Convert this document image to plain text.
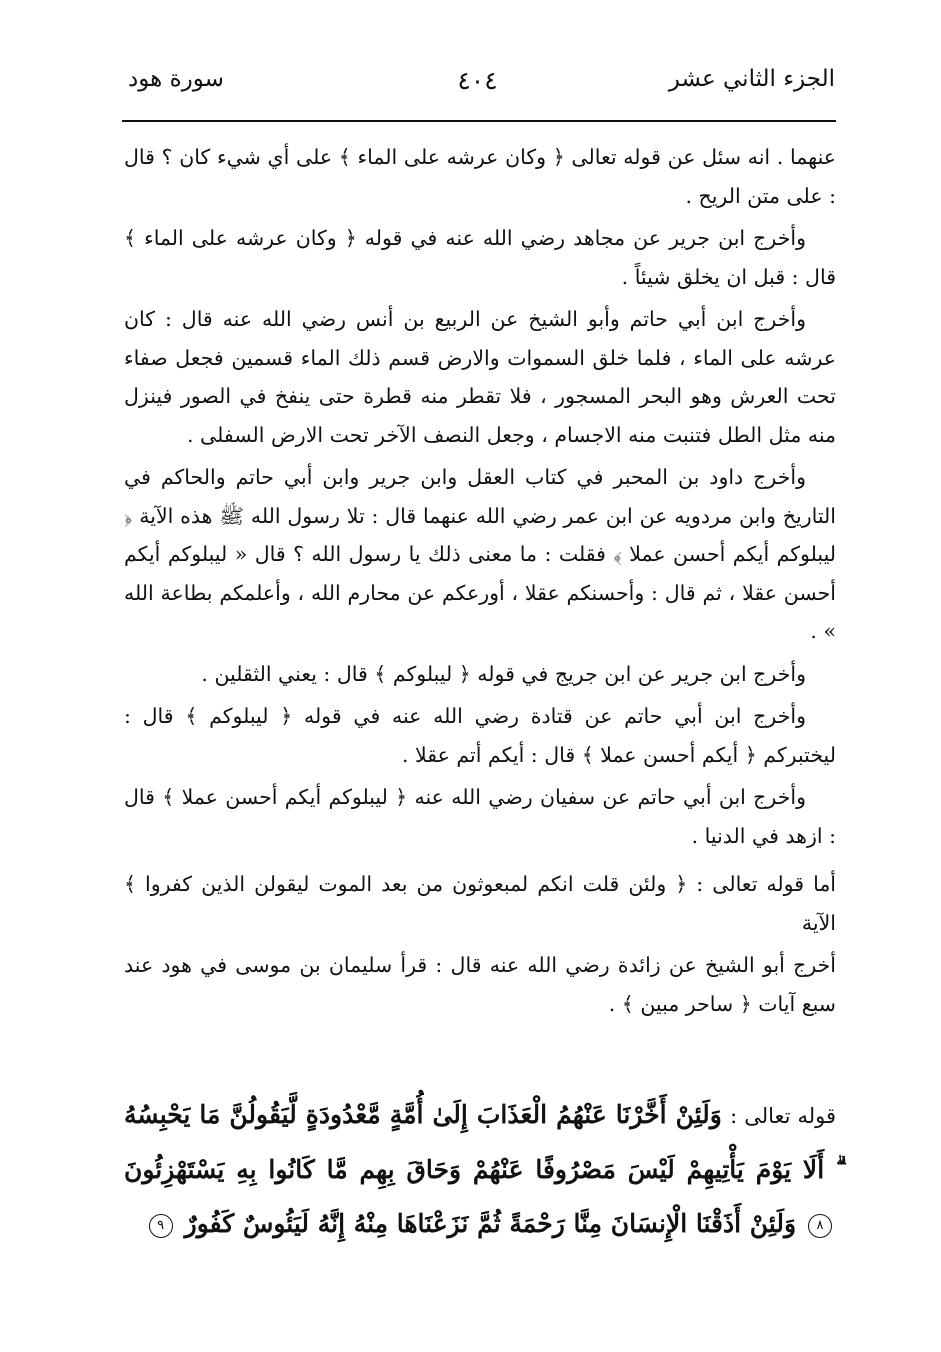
الجزء الثاني عشر
٤٠٤
سورة هود

عنهما . انه سئل عن قوله تعالى ﴿ وكان عرشه على الماء ﴾ على أي شيء كان ؟ قال : على متن الريح .

وأخرج ابن جرير عن مجاهد رضي الله عنه في قوله ﴿ وكان عرشه على الماء ﴾ قال : قبل ان يخلق شيئاً .

وأخرج ابن أبي حاتم وأبو الشيخ عن الربيع بن أنس رضي الله عنه قال : كان عرشه على الماء ، فلما خلق السموات والارض قسم ذلك الماء قسمين فجعل صفاء تحت العرش وهو البحر المسجور ، فلا تقطر منه قطرة حتى ينفخ في الصور فينزل منه مثل الطل فتنبت منه الاجسام ، وجعل النصف الآخر تحت الارض السفلى .

وأخرج داود بن المحبر في كتاب العقل وابن جرير وابن أبي حاتم والحاكم في التاريخ وابن مردويه عن ابن عمر رضي الله عنهما قال : تلا رسول الله ﷺ هذه الآية ﴿ ليبلوكم أيكم أحسن عملا ﴾ فقلت : ما معنى ذلك يا رسول الله ؟ قال « ليبلوكم أيكم أحسن عقلا ، ثم قال : وأحسنكم عقلا ، أورعكم عن محارم الله ، وأعلمكم بطاعة الله » .

وأخرج ابن جرير عن ابن جريج في قوله ﴿ ليبلوكم ﴾ قال : يعني الثقلين .

وأخرج ابن أبي حاتم عن قتادة رضي الله عنه في قوله ﴿ ليبلوكم ﴾ قال : ليختبركم ﴿ أيكم أحسن عملا ﴾ قال : أيكم أتم عقلا .

وأخرج ابن أبي حاتم عن سفيان رضي الله عنه ﴿ ليبلوكم أيكم أحسن عملا ﴾ قال : ازهد في الدنيا .

أما قوله تعالى : ﴿ ولئن قلت انكم لمبعوثون من بعد الموت ليقولن الذين كفروا ﴾ الآية

أخرج أبو الشيخ عن زائدة رضي الله عنه قال : قرأ سليمان بن موسى في هود عند سبع آيات ﴿ ساحر مبين ﴾ .

قوله تعالى : وَلَئِنْ أَخَّرْنَا عَنْهُمُ الْعَذَابَ إِلَىٰ أُمَّةٍ مَّعْدُودَةٍ لَّيَقُولُنَّ مَا يَحْبِسُهُ ۗ أَلَا يَوْمَ يَأْتِيهِمْ لَيْسَ مَصْرُوفًا عَنْهُمْ وَحَاقَ بِهِم مَّا كَانُوا بِهِ يَسْتَهْزِئُونَ ٨ وَلَئِنْ أَذَقْنَا الْإِنسَانَ مِنَّا رَحْمَةً ثُمَّ نَزَعْنَاهَا مِنْهُ إِنَّهُ لَيَئُوسٌ كَفُورٌ ٩
